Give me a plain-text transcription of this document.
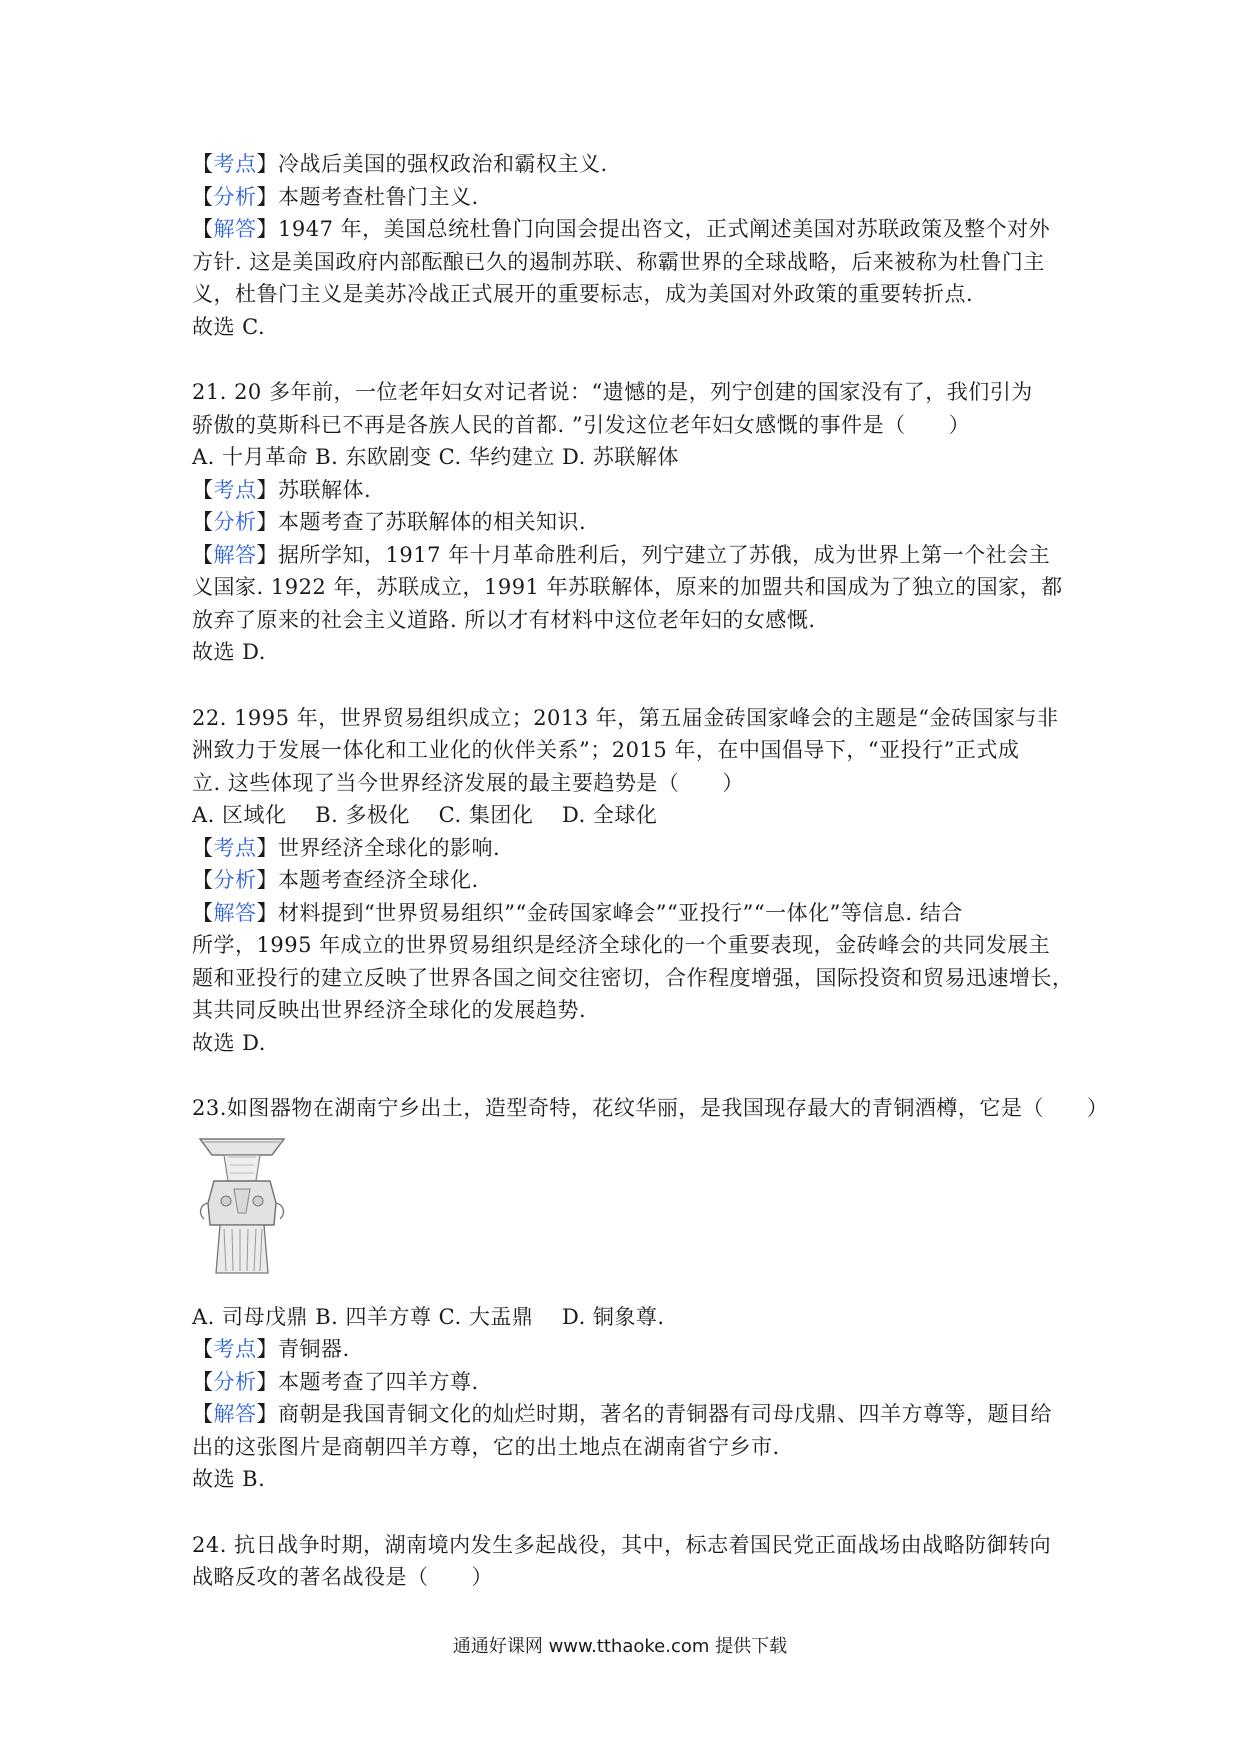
【考点】冷战后美国的强权政治和霸权主义.
【分析】本题考查杜鲁门主义.
【解答】1947 年，美国总统杜鲁门向国会提出咨文，正式阐述美国对苏联政策及整个对外
方针. 这是美国政府内部酝酿已久的遏制苏联、称霸世界的全球战略，后来被称为杜鲁门主
义，杜鲁门主义是美苏冷战正式展开的重要标志，成为美国对外政策的重要转折点.
故选 C.
21. 20 多年前，一位老年妇女对记者说：“遗憾的是，列宁创建的国家没有了，我们引为
骄傲的莫斯科已不再是各族人民的首都. ”引发这位老年妇女感慨的事件是（　　）
A. 十月革命 B. 东欧剧变 C. 华约建立 D. 苏联解体
【考点】苏联解体.
【分析】本题考查了苏联解体的相关知识.
【解答】据所学知，1917 年十月革命胜利后，列宁建立了苏俄，成为世界上第一个社会主
义国家. 1922 年，苏联成立，1991 年苏联解体，原来的加盟共和国成为了独立的国家，都
放弃了原来的社会主义道路. 所以才有材料中这位老年妇的女感慨.
故选 D.
22. 1995 年，世界贸易组织成立；2013 年，第五届金砖国家峰会的主题是“金砖国家与非
洲致力于发展一体化和工业化的伙伴关系”；2015 年，在中国倡导下，“亚投行”正式成
立. 这些体现了当今世界经济发展的最主要趋势是（　　）
A. 区域化　 B. 多极化　 C. 集团化　 D. 全球化
【考点】世界经济全球化的影响.
【分析】本题考查经济全球化.
【解答】材料提到“世界贸易组织”“金砖国家峰会”“亚投行”“一体化”等信息. 结合
所学，1995 年成立的世界贸易组织是经济全球化的一个重要表现，金砖峰会的共同发展主
题和亚投行的建立反映了世界各国之间交往密切，合作程度增强，国际投资和贸易迅速增长，
其共同反映出世界经济全球化的发展趋势.
故选 D.
23.如图器物在湖南宁乡出土，造型奇特，花纹华丽，是我国现存最大的青铜酒樽，它是（　　）
A. 司母戊鼎 B. 四羊方尊 C. 大盂鼎 　D. 铜象尊.
【考点】青铜器.
【分析】本题考查了四羊方尊.
【解答】商朝是我国青铜文化的灿烂时期，著名的青铜器有司母戊鼎、四羊方尊等，题目给
出的这张图片是商朝四羊方尊，它的出土地点在湖南省宁乡市.
故选 B.
24. 抗日战争时期，湖南境内发生多起战役，其中，标志着国民党正面战场由战略防御转向
战略反攻的著名战役是（　　）
通通好课网 www.tthaoke.com 提供下载
